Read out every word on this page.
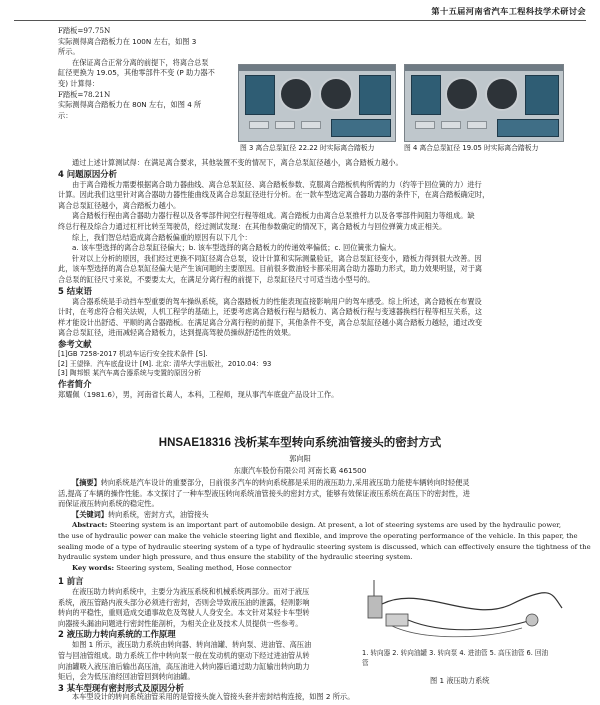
第十五届河南省汽车工程科技学术研讨会
F踏板=97.75N
实际测得离合踏板力在 100N 左右，如图 3
所示。
在保证离合正常分离的前提下，将离合总泵
缸径更换为 19.05，其他零部件不变 (P 助力器不
变) 计算得：
F踏板=78.21N
实际测得离合踏板力在 80N 左右，如图 4 所
示：
图 3 离合总泵缸径 22.22 时实际离合踏板力	图 4 离合总泵缸径 19.05 时实际离合踏板力
通过上述计算测试得：在满足离合要求，其他装置不变的情况下，离合总泵缸径越小，离合踏板力越小。
4 问题原因分析
由于离合踏板力需要根据离合助力器曲线、离合总泵缸径、离合踏板参数、克服离合踏板机构所需的力（约等于回位簧的力）进行
计算。因此我们这里针对离合器助力器性能曲线及离合总泵缸径进行分析。在一款车型选定离合器助力器的条件下，在离合踏板确定时，
离合总泵缸径越小，离合踏板力越小。
离合踏板行程由离合器助力器行程以及各零部件间空行程等组成。离合踏板力由离合总泵推杆力以及各零部件间阻力等组成。缺
终总行程及综合力通过杠杆比转至驾驶员，经过测试发现：在其他参数确定的情况下，离合踏板力与回位弹簧力成正相关。
综上，我们智总结造成离合踏板偏重的原因有以下几个：
a. 该车型选择的离合总泵缸径偏大；b. 该车型选择的离合踏板力的传递效率偏低；c. 回位簧张力偏大。
针对以上分析的原因，我们经过更换不同缸径离合总泵，设计计算和实际测量验证，离合总泵缸径变小，踏板力得到很大改善。因
此，该车型选择的离合总泵缸径偏大是产生该问题的主要原因。目前很多微油轻卡都采用离合助力器助力形式，助力效果明显，对于离
合总泵的缸径尺寸来说，不要要太大，在满足分离行程的前提下，总泵缸径尺寸可适当选小型号的。
5 结束语
离合器系统是手动挡车型重要的驾车操纵系统，离合器踏板力的性能表现直接影响用户的驾车感受。综上所述，离合踏板在布置设
计时，在考虑符合相关法规，人机工程学的基础上，还要考虑离合踏板行程与踏板力、离合踏板行程与变速器换档行程等相互关系，这
样才能设计出舒适、平顺的离合器踏板。在满足离合分离行程的前提下，其他条件不变，离合总泵缸径越小离合踏板力越轻，通过改变
离合总泵缸径，进而减轻离合踏板力，达到提高驾驶员操纵舒适性的效果。
参考文献
[1]GB 7258-2017 机动车运行安全技术条件 [S].
[2] 王望锋．汽车底盘设计 [M]. 北京: 清华大学出版社，2010.04：93
[3] 陶邦银 某汽车离合器系统与变置的原因分析
作者简介
郑耀佩（1981.6），男，河南省长葛人，本科，工程师，现从事汽车底盘产品设计工作。
HNSAE18316 浅析某车型转向系统油管接头的密封方式
郭向阳
东康汽车股份有限公司 河南长葛 461500
【摘要】转向系统是汽车设计的重要部分，日前很多汽车的转向系统都是采用的液压助力,采用液压助力能使车辆转向时轻便灵
活,提高了车辆的操作性能。本文探讨了一种车型液压转向系统油管接头的密封方式，能够有效保证液压系统在高压下的密封性，进
而保证液压转向系统的稳定性。
【关键词】转向系统，密封方式，油管接头
Abstract: Steering system is an important part of automobile design. At present, a lot of steering systems are used by the hydraulic power,
the use of hydraulic power can make the vehicle steering light and flexible, and improve the operating performance of the vehicle. In this paper, the
sealing mode of a type of hydraulic steering system of a type of hydraulic steering system is discussed, which can effectively ensure the tightness of the
hydraulic system under high pressure, and thus ensure the stability of the hydraulic steering system.
Key words: Steering system, Sealing method, Hose connector
1 前言
在液压助力转向系统中，主要分为液压系统和机械系统两部分。而对于液压
系统，液压管路内液头部分必须进行密封，否则会导致液压油的泄露，轻则影响
转向的平稳性，重则造成交通事故危及驾驶人人身安全。本文针对某轻卡车型转
向器接头漏油问题进行密封性能剖析，为相关企业及技术人员提供一些参考。
2 液压助力转向系统的工作原理
如图 1 所示，液压助力系统由转向器、转向油罐、转向泵、进油管、高压油
管与回油管组成。助力系统工作中转向泵一般在发动机的驱动下经过进油管从转
向油罐吸入液压油后输出高压油，高压油进入转向器后通过助力缸输出转向助力
矩后，会为低压油经回油管回到转向油罐。
3 某车型现有密封形式及原因分析
本车型设计的转向系统油管采用的是管接头旋入管接头套并密封结构连接，如图 2 所示。
1. 转向器 2. 转向油罐 3. 转向泵 4. 进油管 5. 高压油管 6. 回油
管
图 1 液压助力系统
